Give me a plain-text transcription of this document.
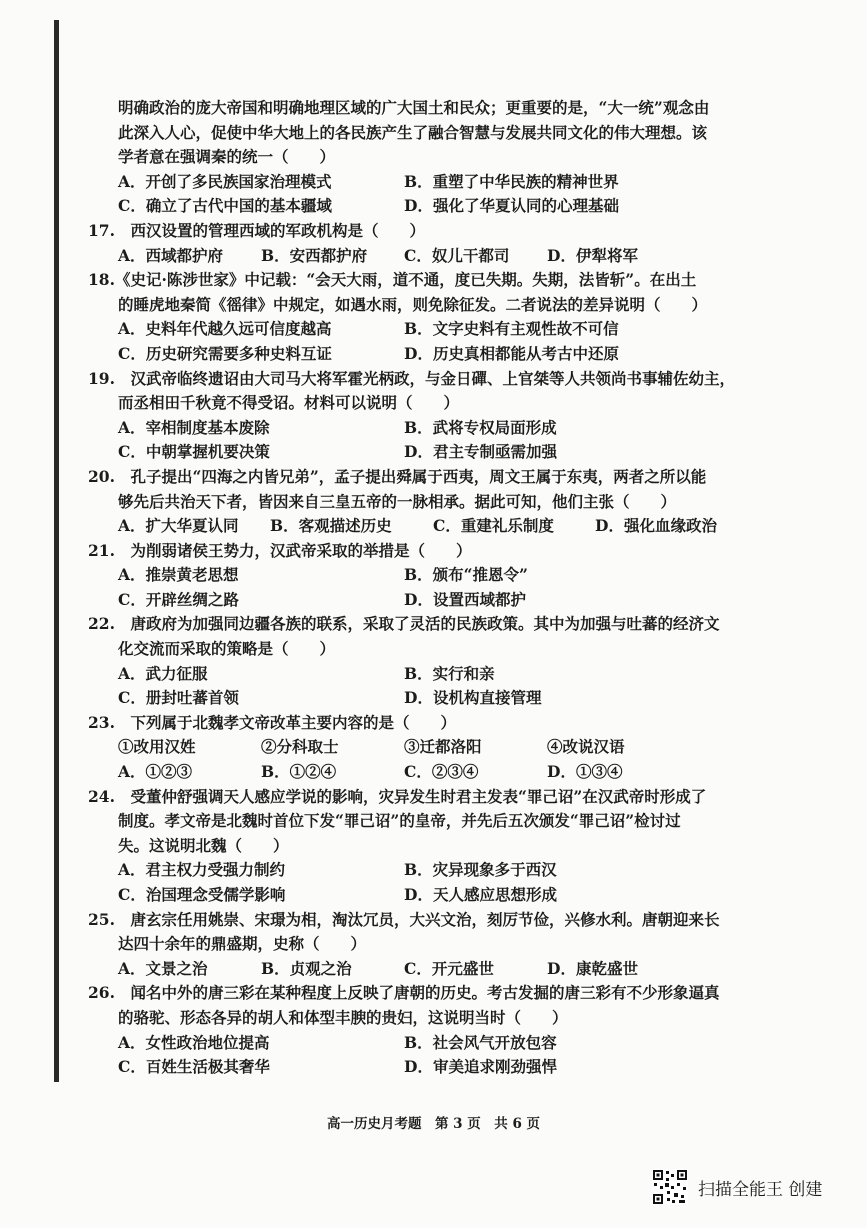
明确政治的庞大帝国和明确地理区域的广大国土和民众；更重要的是，“大一统”观念由
此深入人心，促使中华大地上的各民族产生了融合智慧与发展共同文化的伟大理想。该
学者意在强调秦的统一（　　）
A．开创了多民族国家治理模式	B．重塑了中华民族的精神世界
C．确立了古代中国的基本疆域	D．强化了华夏认同的心理基础
17.　西汉设置的管理西域的军政机构是（　　）
A．西域都护府	B．安西都护府	C．奴儿干都司	D．伊犁将军
18.《史记·陈涉世家》中记载：“会天大雨，道不通，度已失期。失期，法皆斩”。在出土
的睡虎地秦简《徭律》中规定，如遇水雨，则免除征发。二者说法的差异说明（　　）
A．史料年代越久远可信度越高	B．文字史料有主观性故不可信
C．历史研究需要多种史料互证	D．历史真相都能从考古中还原
19.　汉武帝临终遗诏由大司马大将军霍光柄政，与金日磾、上官桀等人共领尚书事辅佐幼主，
而丞相田千秋竟不得受诏。材料可以说明（　　）
A．宰相制度基本废除	B．武将专权局面形成
C．中朝掌握机要决策	D．君主专制亟需加强
20.　孔子提出“四海之内皆兄弟”，孟子提出舜属于西夷，周文王属于东夷，两者之所以能
够先后共治天下者，皆因来自三皇五帝的一脉相承。据此可知，他们主张（　　）
A．扩大华夏认同	B．客观描述历史	C．重建礼乐制度	D．强化血缘政治
21.　为削弱诸侯王势力，汉武帝采取的举措是（　　）
A．推崇黄老思想	B．颁布“推恩令”
C．开辟丝绸之路	D．设置西域都护
22.　唐政府为加强同边疆各族的联系，采取了灵活的民族政策。其中为加强与吐蕃的经济文
化交流而采取的策略是（　　）
A．武力征服	B．实行和亲
C．册封吐蕃首领	D．设机构直接管理
23.　下列属于北魏孝文帝改革主要内容的是（　　）
①改用汉姓	②分科取士	③迁都洛阳	④改说汉语
A．①②③	B．①②④	C．②③④	D．①③④
24.　受董仲舒强调天人感应学说的影响，灾异发生时君主发表“罪己诏”在汉武帝时形成了
制度。孝文帝是北魏时首位下发“罪己诏”的皇帝，并先后五次颁发“罪己诏”检讨过
失。这说明北魏（　　）
A．君主权力受强力制约	B．灾异现象多于西汉
C．治国理念受儒学影响	D．天人感应思想形成
25.　唐玄宗任用姚崇、宋璟为相，淘汰冗员，大兴文治，刻厉节俭，兴修水利。唐朝迎来长
达四十余年的鼎盛期，史称（　　）
A．文景之治	B．贞观之治	C．开元盛世	D．康乾盛世
26.　闻名中外的唐三彩在某种程度上反映了唐朝的历史。考古发掘的唐三彩有不少形象逼真
的骆驼、形态各异的胡人和体型丰腴的贵妇，这说明当时（　　）
A．女性政治地位提高	B．社会风气开放包容
C．百姓生活极其奢华	D．审美追求刚劲强悍
高一历史月考题　第 3 页　共 6 页
扫描全能王 创建
